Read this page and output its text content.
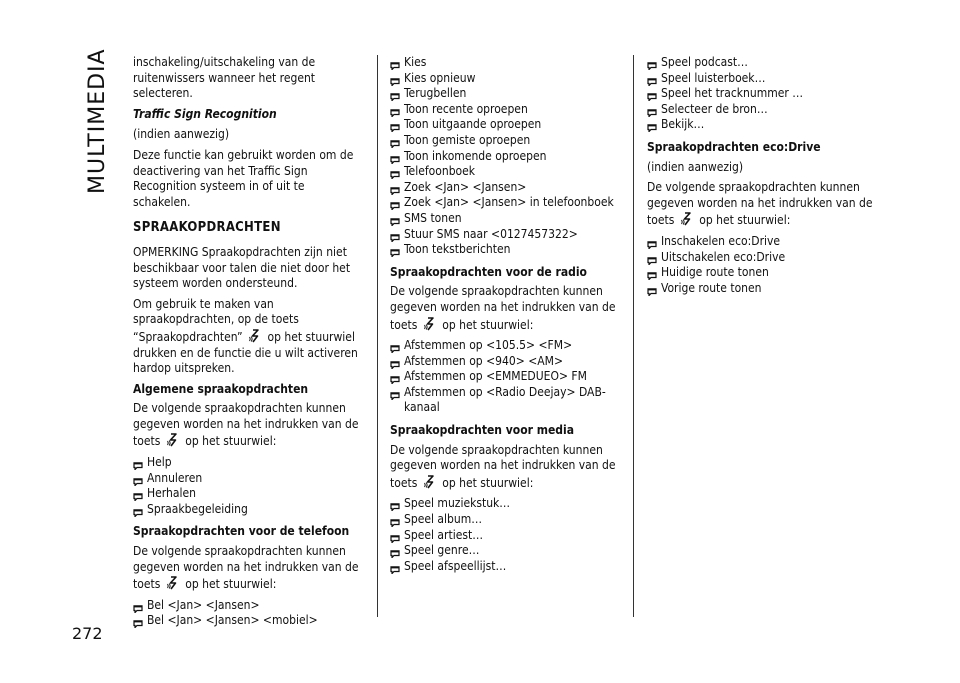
MULTIMEDIA
272

inschakeling/uitschakeling van de ruitenwissers wanneer het regent selecteren.

Traffic Sign Recognition

(indien aanwezig)

Deze functie kan gebruikt worden om de deactivering van het Traffic Sign Recognition systeem in of uit te schakelen.

SPRAAKOPDRACHTEN

OPMERKING Spraakopdrachten zijn niet beschikbaar voor talen die niet door het systeem worden ondersteund.

Om gebruik te maken van spraakopdrachten, op de toets “Spraakopdrachten” op het stuurwiel drukken en de functie die u wilt activeren hardop uitspreken.

Algemene spraakopdrachten

De volgende spraakopdrachten kunnen gegeven worden na het indrukken van de toets op het stuurwiel:

Help
Annuleren
Herhalen
Spraakbegeleiding
Spraakopdrachten voor de telefoon

De volgende spraakopdrachten kunnen gegeven worden na het indrukken van de toets op het stuurwiel:

Bel <Jan> <Jansen>
Bel <Jan> <Jansen> <mobiel>
Kies
Kies opnieuw
Terugbellen
Toon recente oproepen
Toon uitgaande oproepen
Toon gemiste oproepen
Toon inkomende oproepen
Telefoonboek
Zoek <Jan> <Jansen>
Zoek <Jan> <Jansen> in telefoonboek
SMS tonen
Stuur SMS naar <0127457322>
Toon tekstberichten
Spraakopdrachten voor de radio

De volgende spraakopdrachten kunnen gegeven worden na het indrukken van de toets op het stuurwiel:

Afstemmen op <105.5> <FM>
Afstemmen op <940> <AM>
Afstemmen op <EMMEDUEO> FM
Afstemmen op <Radio Deejay> DAB-kanaal
Spraakopdrachten voor media

De volgende spraakopdrachten kunnen gegeven worden na het indrukken van de toets op het stuurwiel:

Speel muziekstuk…
Speel album…
Speel artiest…
Speel genre…
Speel afspeellijst…
Speel podcast…
Speel luisterboek…
Speel het tracknummer …
Selecteer de bron…
Bekijk…
Spraakopdrachten eco:Drive

(indien aanwezig)

De volgende spraakopdrachten kunnen gegeven worden na het indrukken van de toets op het stuurwiel:

Inschakelen eco:Drive
Uitschakelen eco:Drive
Huidige route tonen
Vorige route tonen
